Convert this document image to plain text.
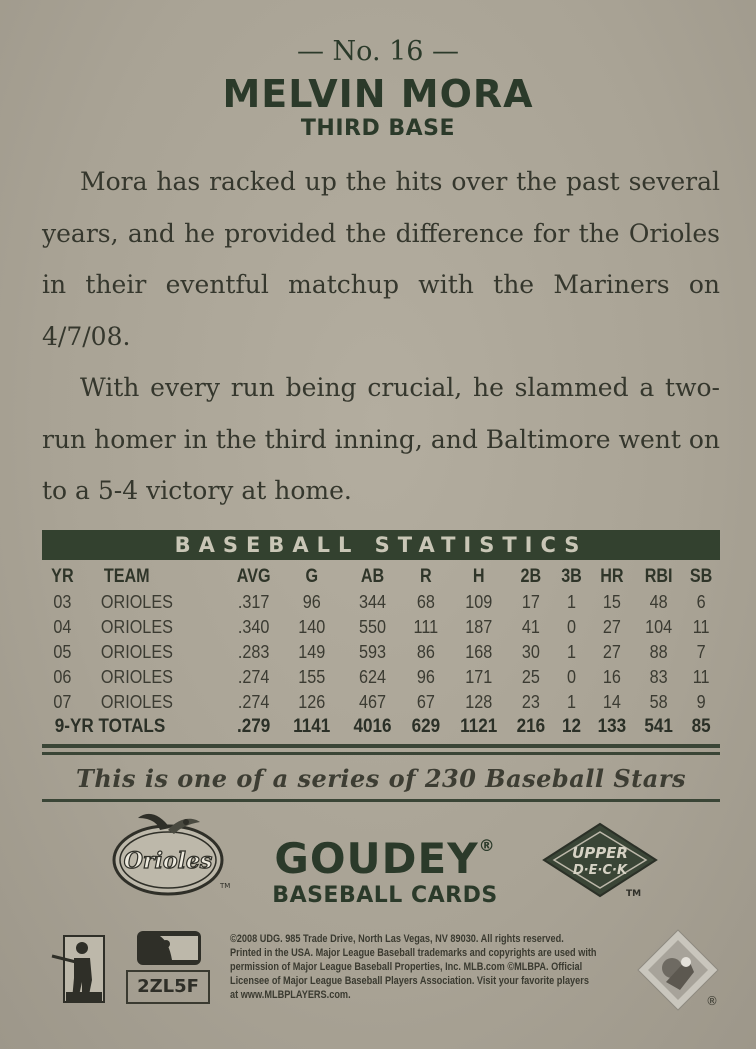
— No. 16 —
MELVIN MORA
THIRD BASE

Mora has racked up the hits over the past several years, and he provided the difference for the Orioles in their eventful matchup with the Mariners on 4/7/08.

With every run being crucial, he slammed a two-run homer in the third inning, and Baltimore went on to a 5-4 victory at home.

BASEBALL STATISTICS
YR	TEAM	AVG	G	AB	R	H	2B	3B	HR	RBI	SB
03	ORIOLES	.317	96	344	68	109	17	1	15	48	6
04	ORIOLES	.340	140	550	111	187	41	0	27	104	11
05	ORIOLES	.283	149	593	86	168	30	1	27	88	7
06	ORIOLES	.274	155	624	96	171	25	0	16	83	11
07	ORIOLES	.274	126	467	67	128	23	1	14	58	9
9-YR TOTALS		.279	1141	4016	629	1121	216	12	133	541	85
This is one of a series of 230 Baseball Stars
Orioles
TM
GOUDEY®
BASEBALL CARDS
UPPER
D·E·C·K
TM
2ZL5F
©2008 UDG. 985 Trade Drive, North Las Vegas, NV 89030. All rights reserved.
Printed in the USA. Major League Baseball trademarks and copyrights are used with
permission of Major League Baseball Properties, Inc. MLB.com ©MLBPA. Official
Licensee of Major League Baseball Players Association. Visit your favorite players
at www.MLBPLAYERS.com.	®
